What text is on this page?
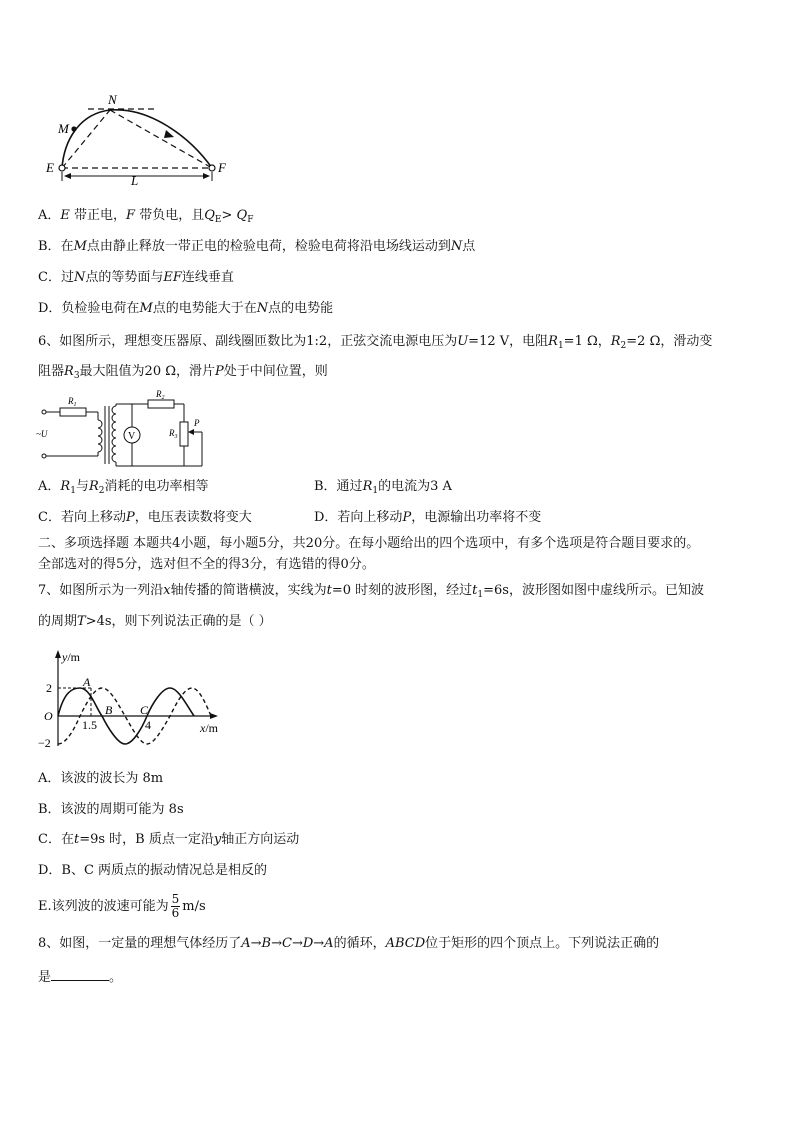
N
M
E	F
L
A．E 带正电，F 带负电，且$Q_E> Q_F$
B．在M点由静止释放一带正电的检验电荷，检验电荷将沿电场线运动到N点
C．过N点的等势面与EF连线垂直
D．负检验电荷在M点的电势能大于在N点的电势能
6、如图所示，理想变压器原、副线圈匝数比为1:2，正弦交流电源电压为U=12 V，电阻$R_1=1$ Ω，$R_2=2$ Ω，滑动变
阻器$R_3$最大阻值为20 Ω，滑片P处于中间位置，则
V
$R_1$
$R_2$
$R_3$
P
~U
A．$R_1$与$R_2$消耗的电功率相等	B．通过$R_1$的电流为3 A
C．若向上移动P，电压表读数将变大	D．若向上移动P，电源输出功率将不变
二、多项选择题 本题共4小题，每小题5分，共20分。在每小题给出的四个选项中，有多个选项是符合题目要求的。
全部选对的得5分，选对但不全的得3分，有选错的得0分。
7、如图所示为一列沿x轴传播的简谐横波，实线为t=0 时刻的波形图，经过$t_1=6s$，波形图如图中虚线所示。已知波
的周期T>4s，则下列说法正确的是（ ）
y/m
x/m
2
−2
O
1.5	4
A
B C
A．该波的波长为 8m
B．该波的周期可能为 8s
C．在t=9s 时，B 质点一定沿y轴正方向运动
D．B、C 两质点的振动情况总是相反的
E.该列波的波速可能为 $\frac{5}{6} m/s$
8、如图，一定量的理想气体经历了A→B→C→D→A的循环，ABCD位于矩形的四个顶点上。下列说法正确的
是	。
